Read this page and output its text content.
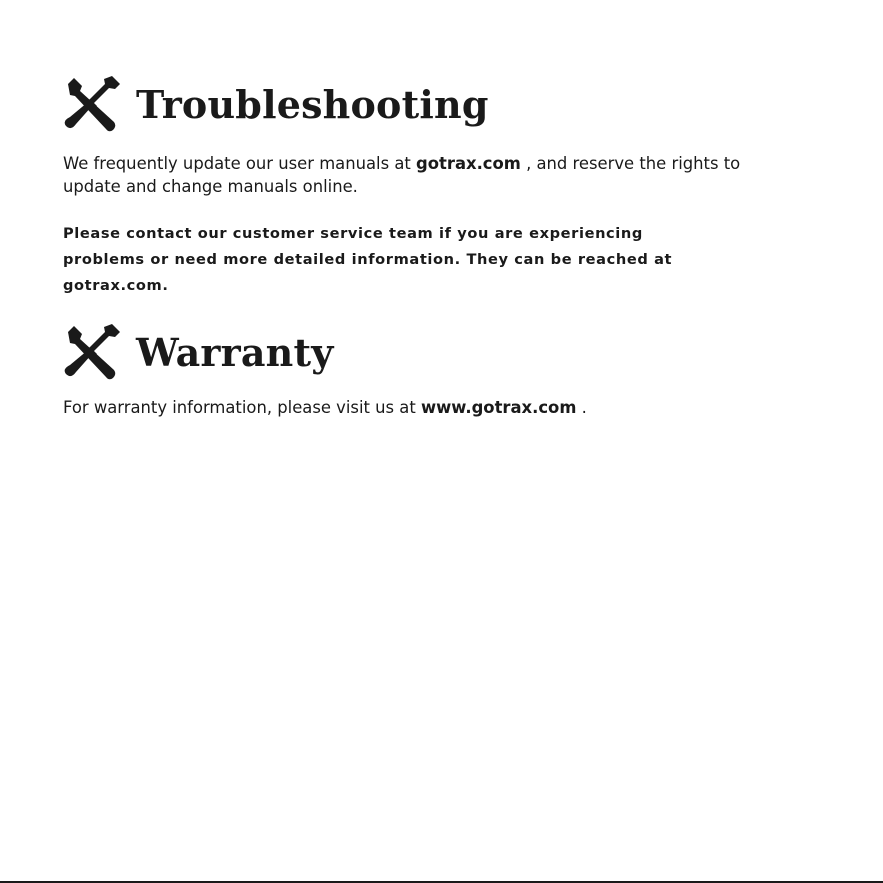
Troubleshooting
We frequently update our user manuals at gotrax.com , and reserve the rights to
update and change manuals online.
Please contact our customer service team if you are experiencing
problems or need more detailed information. They can be reached at
gotrax.com.
Warranty
For warranty information, please visit us at www.gotrax.com .
